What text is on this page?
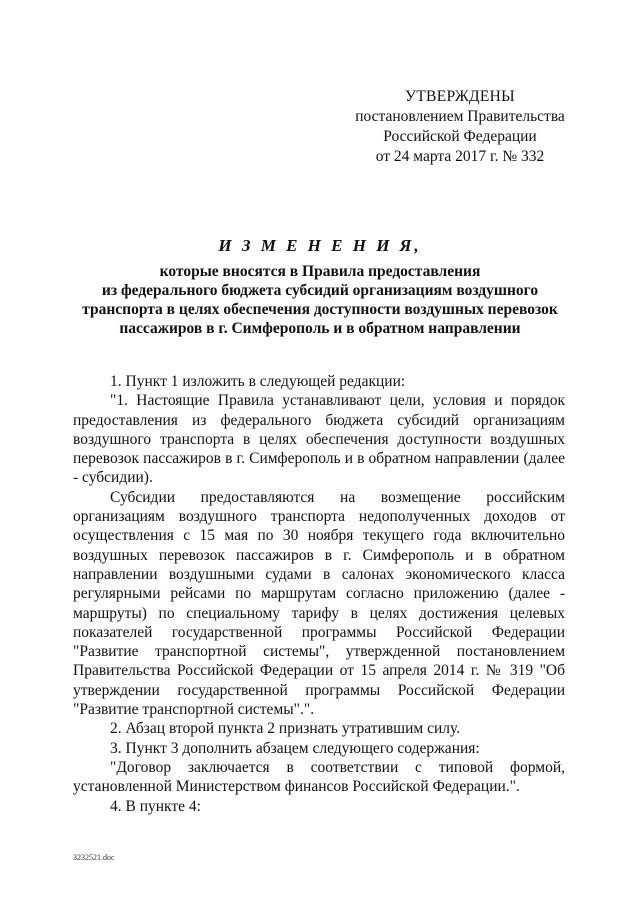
УТВЕРЖДЕНЫ
постановлением Правительства
Российской Федерации
от 24 марта 2017 г. № 332
И З М Е Н Е Н И Я,
которые вносятся в Правила предоставления
из федерального бюджета субсидий организациям воздушного
транспорта в целях обеспечения доступности воздушных перевозок
пассажиров в г. Симферополь и в обратном направлении

1. Пункт 1 изложить в следующей редакции:

"1. Настоящие Правила устанавливают цели, условия и порядок предоставления из федерального бюджета субсидий организациям воздушного транспорта в целях обеспечения доступности воздушных перевозок пассажиров в г. Симферополь и в обратном направлении (далее - субсидии).

Субсидии предоставляются на возмещение российским организациям воздушного транспорта недополученных доходов от осуществления с 15 мая по 30 ноября текущего года включительно воздушных перевозок пассажиров в г. Симферополь и в обратном направлении воздушными судами в салонах экономического класса регулярными рейсами по маршрутам согласно приложению (далее - маршруты) по специальному тарифу в целях достижения целевых показателей государственной программы Российской Федерации "Развитие транспортной системы", утвержденной постановлением Правительства Российской Федерации от 15 апреля 2014 г. № 319 "Об утверждении государственной программы Российской Федерации "Развитие транспортной системы".".

2. Абзац второй пункта 2 признать утратившим силу.

3. Пункт 3 дополнить абзацем следующего содержания:

"Договор заключается в соответствии с типовой формой, установленной Министерством финансов Российской Федерации.".

4. В пункте 4:

3232521.doc
